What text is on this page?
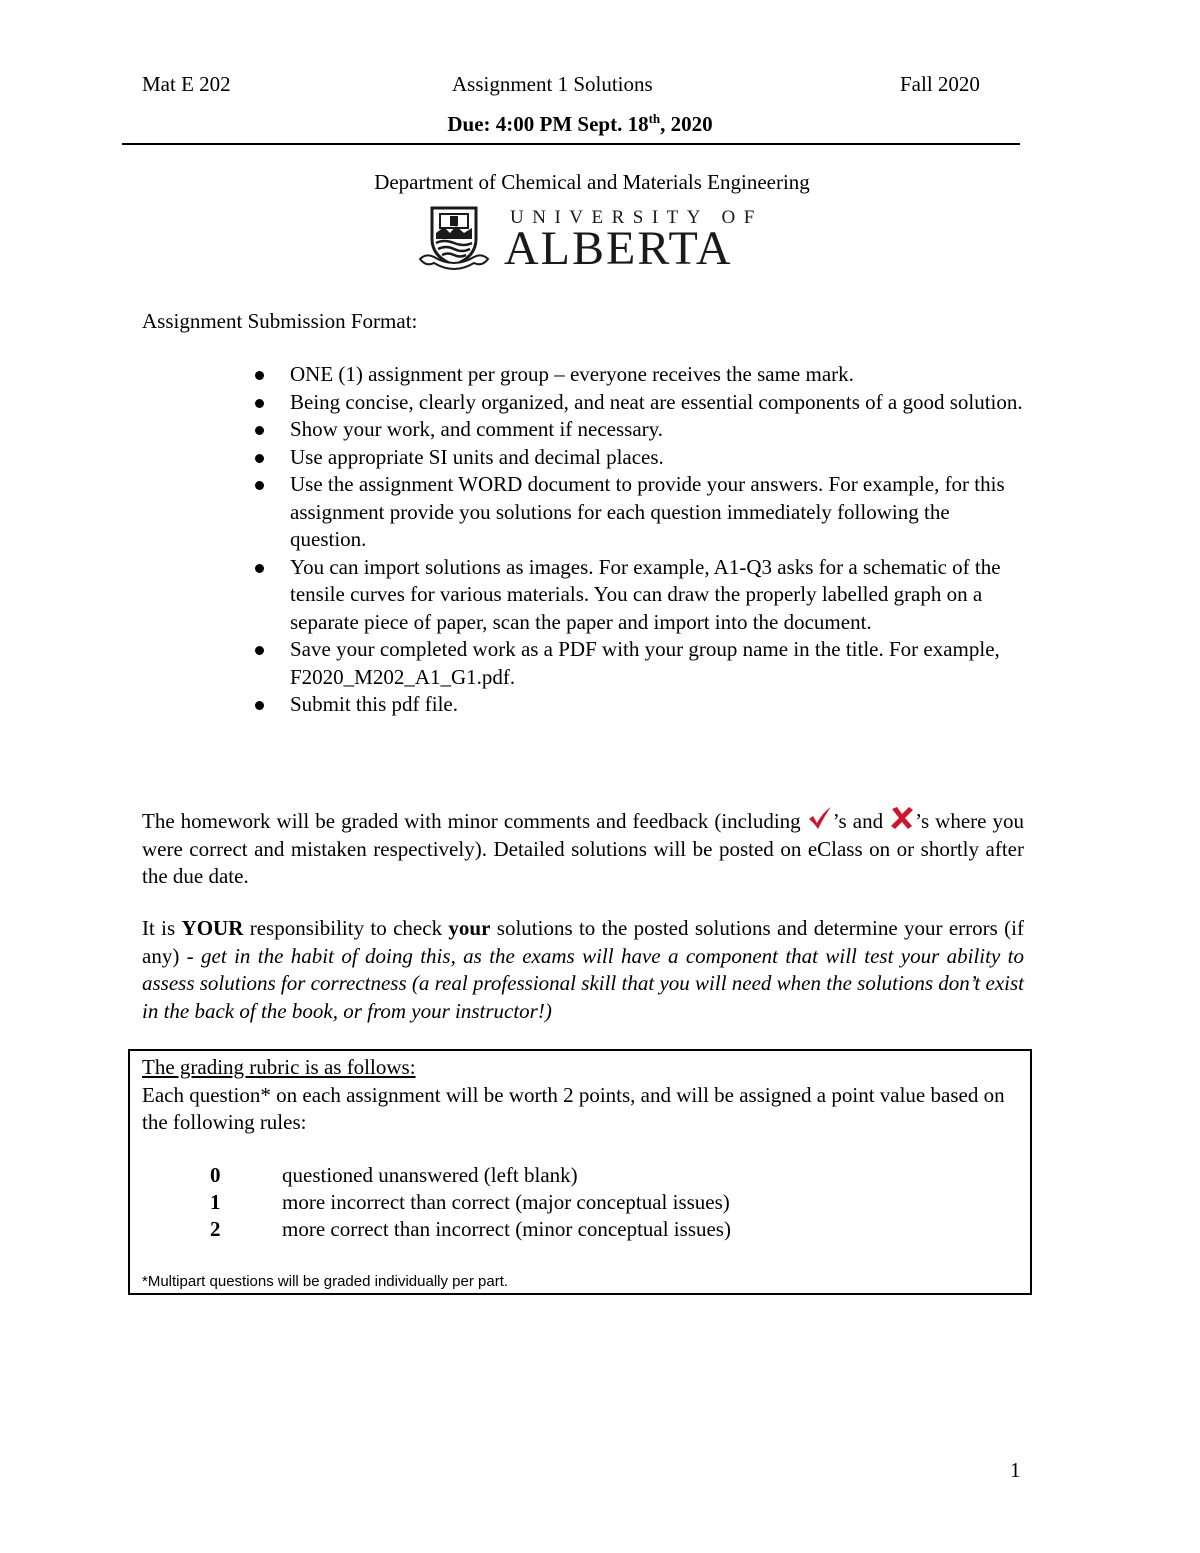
Mat E 202	Assignment 1 Solutions	Fall 2020
Due: 4:00 PM Sept. 18th, 2020
Department of Chemical and Materials Engineering
UNIVERSITY OF
ALBERTA
Assignment Submission Format:
ONE (1) assignment per group – everyone receives the same mark.
Being concise, clearly organized, and neat are essential components of a good solution.
Show your work, and comment if necessary.
Use appropriate SI units and decimal places.
Use the assignment WORD document to provide your answers. For example, for this assignment provide you solutions for each question immediately following the question.
You can import solutions as images. For example, A1-Q3 asks for a schematic of the tensile curves for various materials. You can draw the properly labelled graph on a separate piece of paper, scan the paper and import into the document.
Save your completed work as a PDF with your group name in the title. For example, F2020_M202_A1_G1.pdf.
Submit this pdf file.
The homework will be graded with minor comments and feedback (including ’s and ’s where you were correct and mistaken respectively). Detailed solutions will be posted on eClass on or shortly after the due date.
It is YOUR responsibility to check your solutions to the posted solutions and determine your errors (if any) - get in the habit of doing this, as the exams will have a component that will test your ability to assess solutions for correctness (a real professional skill that you will need when the solutions don’t exist in the back of the book, or from your instructor!)
The grading rubric is as follows:
Each question* on each assignment will be worth 2 points, and will be assigned a point value based on the following rules:
0	questioned unanswered (left blank)
1	more incorrect than correct (major conceptual issues)
2	more correct than incorrect (minor conceptual issues)
*Multipart questions will be graded individually per part.
1
